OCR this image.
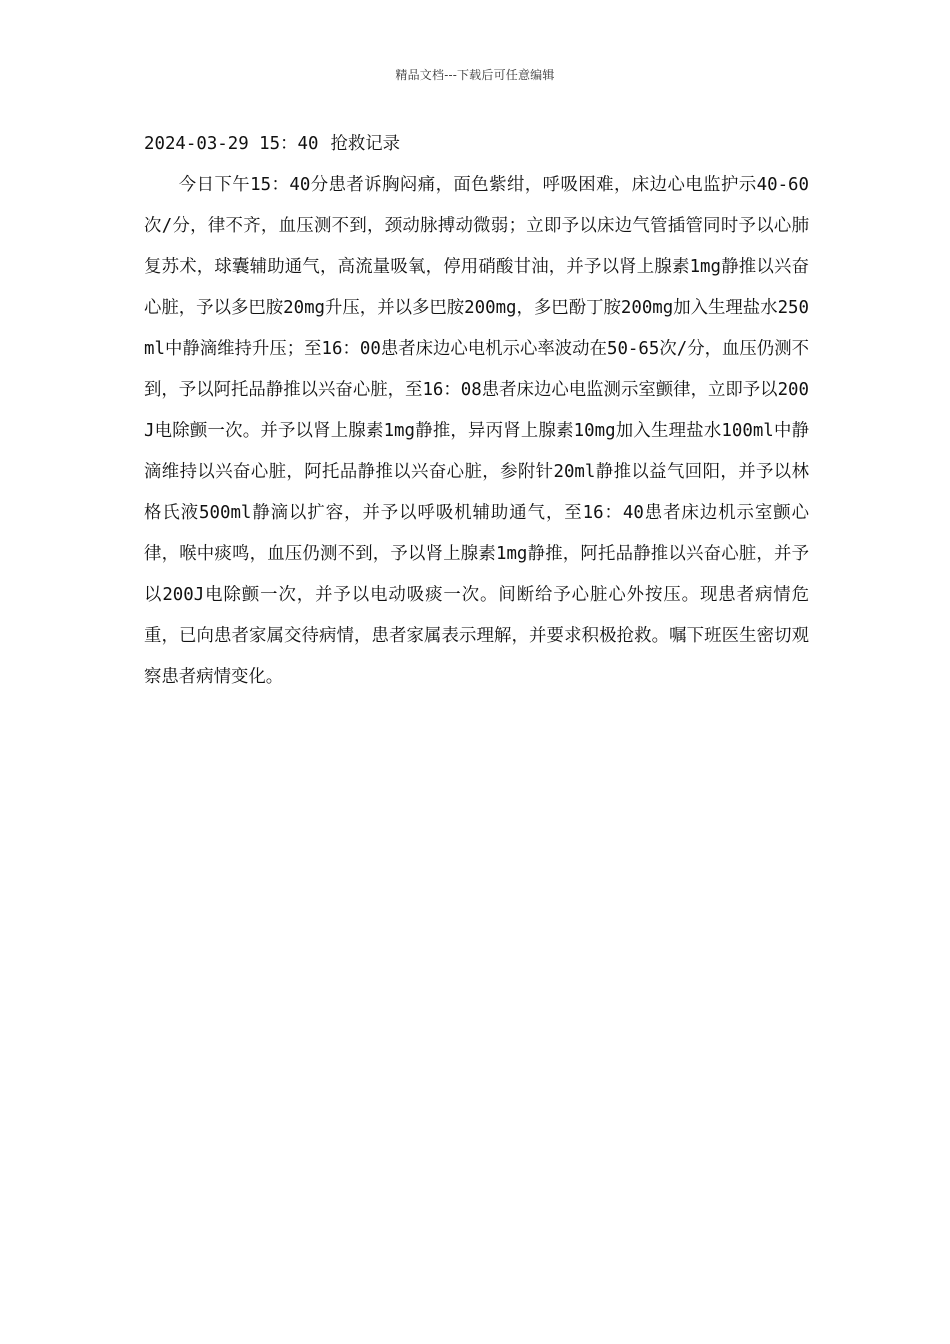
精品文档---下载后可任意编辑
2024-03-29 15：40 抢救记录

今日下午15：40分患者诉胸闷痛，面色紫绀，呼吸困难，床边心电监护示40-60次/分，律不齐，血压测不到，颈动脉搏动微弱；立即予以床边气管插管同时予以心肺复苏术，球囊辅助通气，高流量吸氧，停用硝酸甘油，并予以肾上腺素1mg静推以兴奋心脏，予以多巴胺20mg升压，并以多巴胺200mg，多巴酚丁胺200mg加入生理盐水250ml中静滴维持升压；至16：00患者床边心电机示心率波动在50-65次/分，血压仍测不到，予以阿托品静推以兴奋心脏，至16：08患者床边心电监测示室颤律，立即予以200J电除颤一次。并予以肾上腺素1mg静推，异丙肾上腺素10mg加入生理盐水100ml中静滴维持以兴奋心脏，阿托品静推以兴奋心脏，参附针20ml静推以益气回阳，并予以林格氏液500ml静滴以扩容，并予以呼吸机辅助通气，至16：40患者床边机示室颤心律，喉中痰鸣，血压仍测不到，予以肾上腺素1mg静推，阿托品静推以兴奋心脏，并予以200J电除颤一次，并予以电动吸痰一次。间断给予心脏心外按压。现患者病情危重，已向患者家属交待病情，患者家属表示理解，并要求积极抢救。嘱下班医生密切观察患者病情变化。
